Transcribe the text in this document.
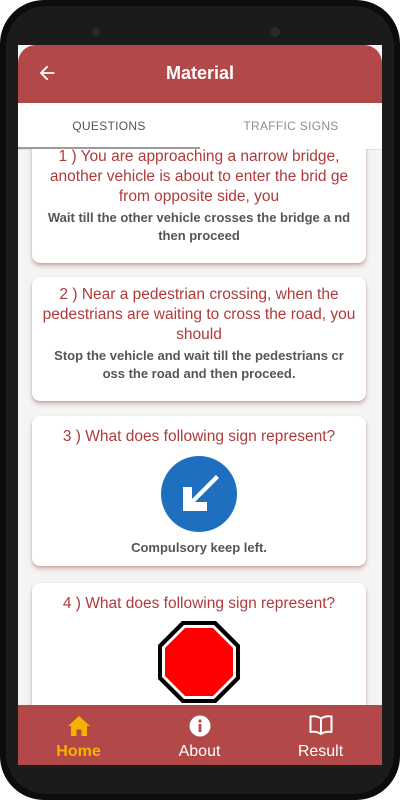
Material
QUESTIONS	TRAFFIC SIGNS
1 ) You are approaching a narrow bridge, another vehicle is about to enter the brid ge from opposite side, you
Wait till the other vehicle crosses the bridge a nd then proceed
2 ) Near a pedestrian crossing, when the pedestrians are waiting to cross the road, you should
Stop the vehicle and wait till the pedestrians cr oss the road and then proceed.
3 ) What does following sign represent?
Compulsory keep left.
4 ) What does following sign represent?
Home	About	Result
